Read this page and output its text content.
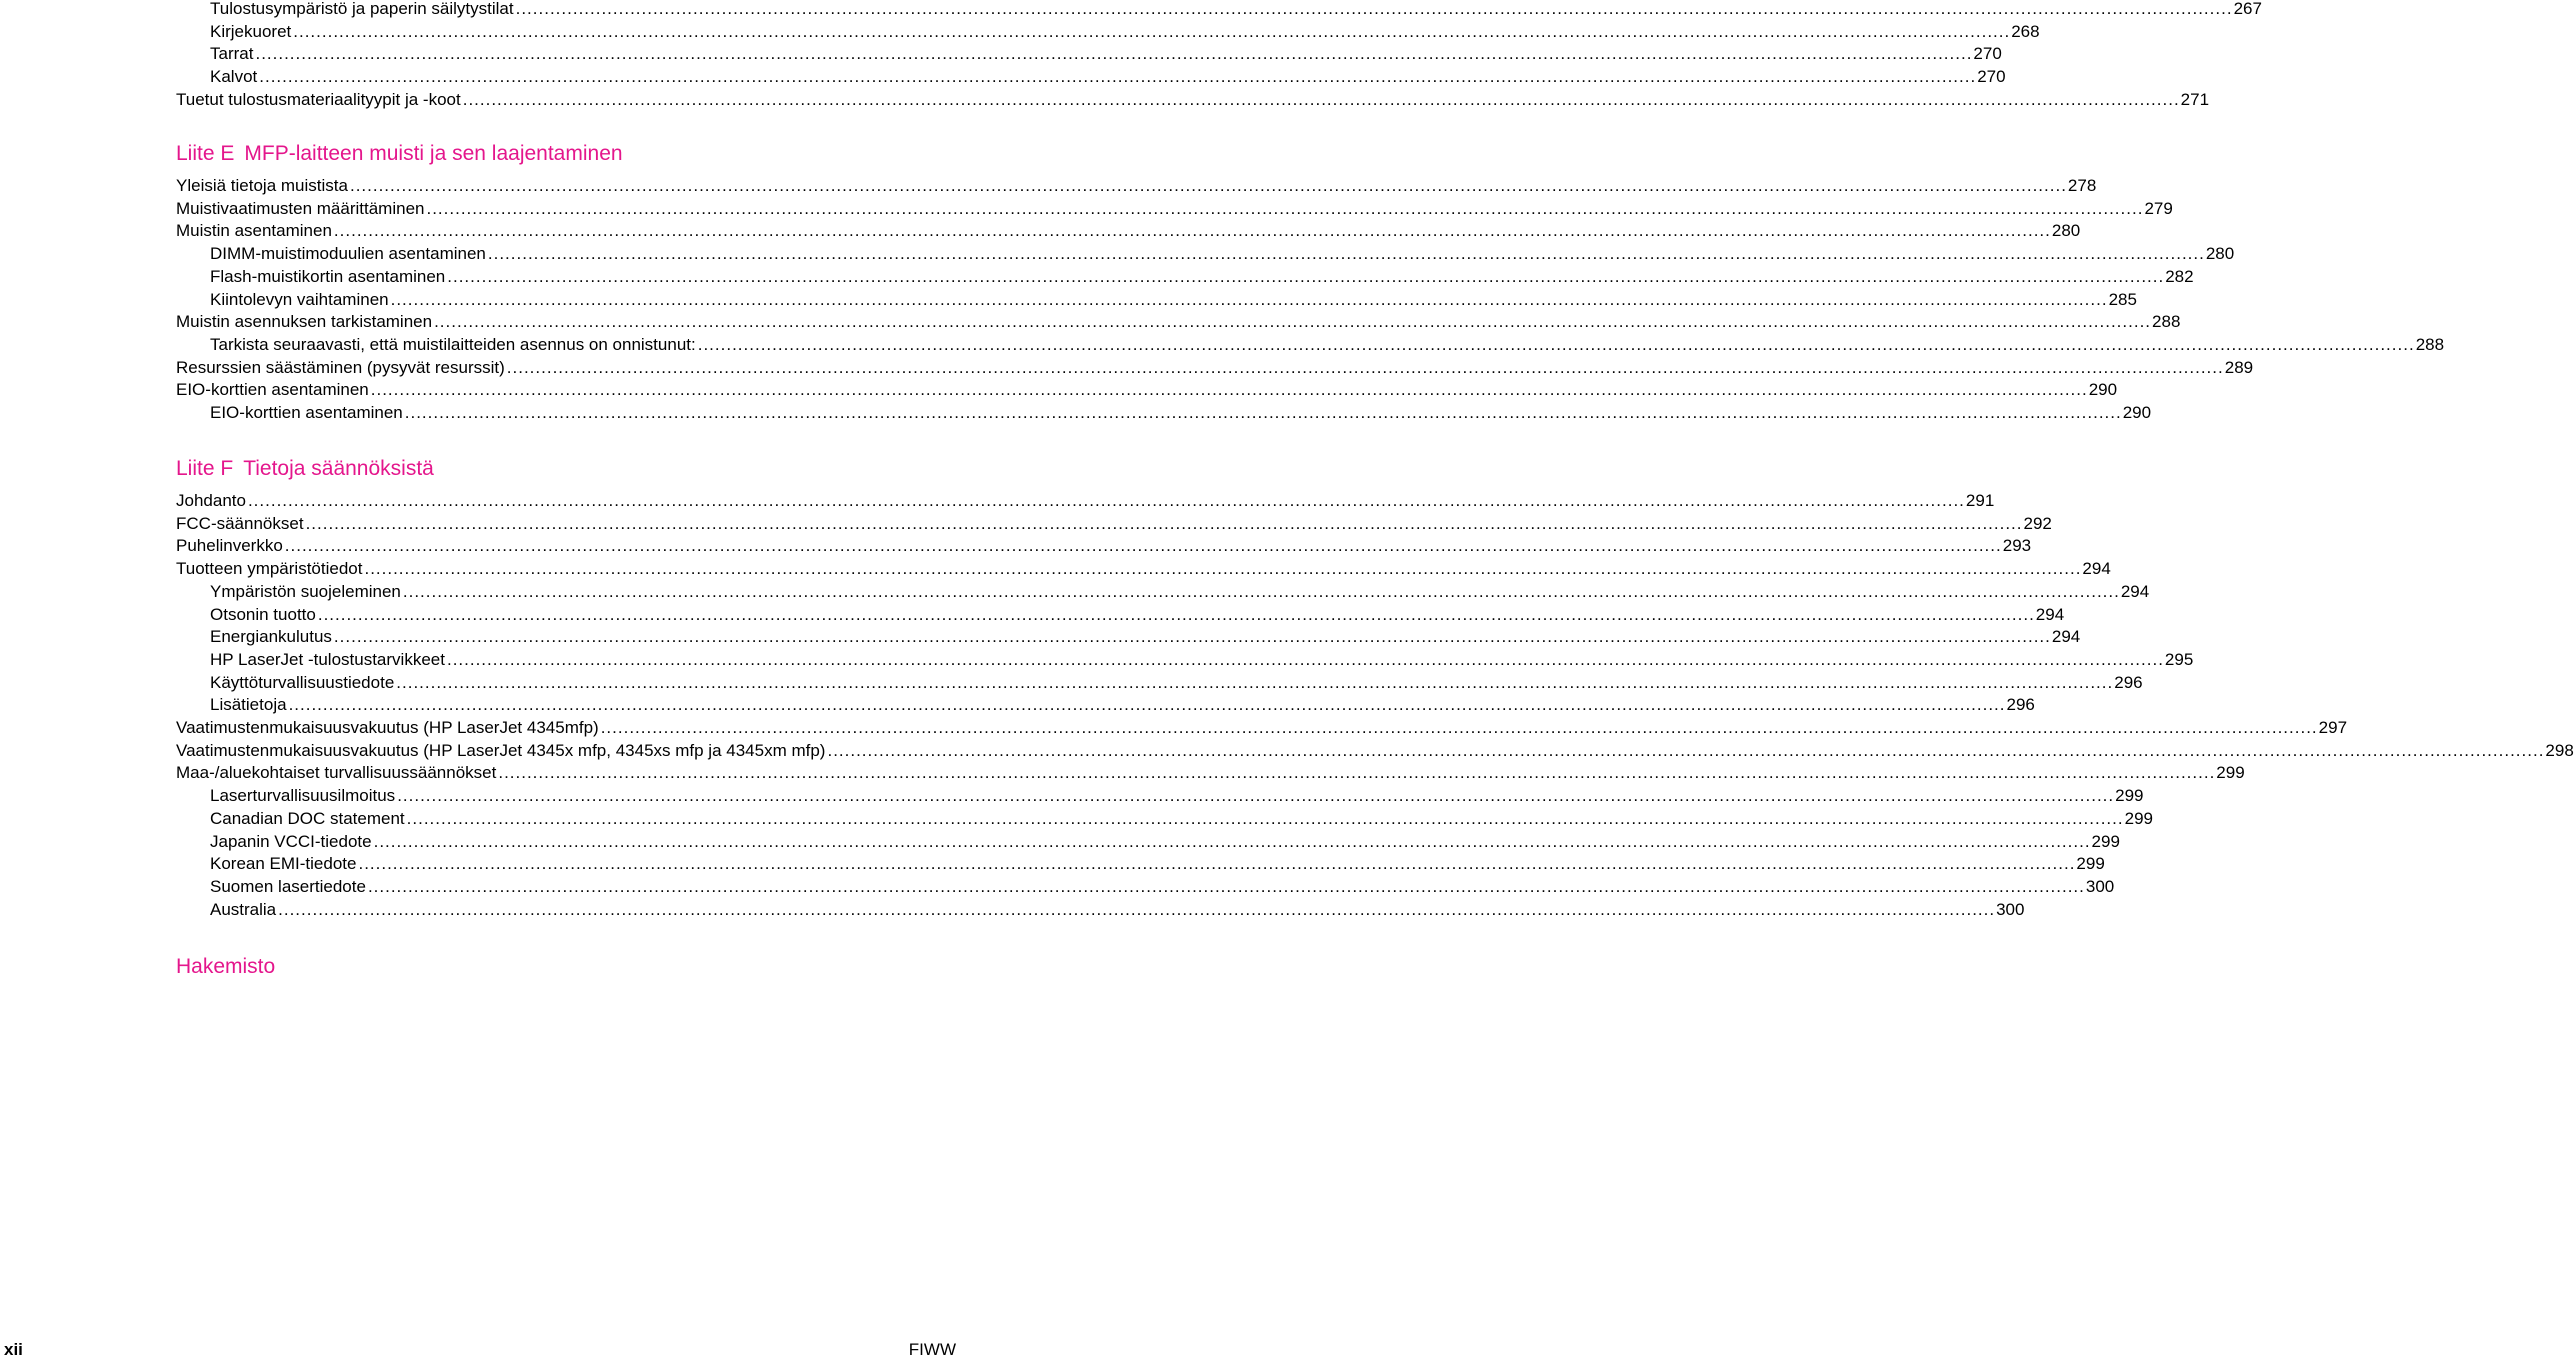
Tulostusympäristö ja paperin säilytystilat ............................................................................................................................................................................................................................................................................................................ 267
Kirjekuoret ............................................................................................................................................................................................................................................................................................................ 268
Tarrat ............................................................................................................................................................................................................................................................................................................ 270
Kalvot ............................................................................................................................................................................................................................................................................................................ 270
Tuetut tulostusmateriaalityypit ja -koot ............................................................................................................................................................................................................................................................................................................ 271
Liite E MFP-laitteen muisti ja sen laajentaminen
Yleisiä tietoja muistista ............................................................................................................................................................................................................................................................................................................ 278
Muistivaatimusten määrittäminen ............................................................................................................................................................................................................................................................................................................ 279
Muistin asentaminen ............................................................................................................................................................................................................................................................................................................ 280
DIMM-muistimoduulien asentaminen ............................................................................................................................................................................................................................................................................................................ 280
Flash-muistikortin asentaminen ............................................................................................................................................................................................................................................................................................................ 282
Kiintolevyn vaihtaminen ............................................................................................................................................................................................................................................................................................................ 285
Muistin asennuksen tarkistaminen ............................................................................................................................................................................................................................................................................................................ 288
Tarkista seuraavasti, että muistilaitteiden asennus on onnistunut: ............................................................................................................................................................................................................................................................................................................ 288
Resurssien säästäminen (pysyvät resurssit) ............................................................................................................................................................................................................................................................................................................ 289
EIO-korttien asentaminen ............................................................................................................................................................................................................................................................................................................ 290
EIO-korttien asentaminen ............................................................................................................................................................................................................................................................................................................ 290
Liite F Tietoja säännöksistä
Johdanto ............................................................................................................................................................................................................................................................................................................ 291
FCC-säännökset ............................................................................................................................................................................................................................................................................................................ 292
Puhelinverkko ............................................................................................................................................................................................................................................................................................................ 293
Tuotteen ympäristötiedot ............................................................................................................................................................................................................................................................................................................ 294
Ympäristön suojeleminen ............................................................................................................................................................................................................................................................................................................ 294
Otsonin tuotto ............................................................................................................................................................................................................................................................................................................ 294
Energiankulutus ............................................................................................................................................................................................................................................................................................................ 294
HP LaserJet -tulostustarvikkeet ............................................................................................................................................................................................................................................................................................................ 295
Käyttöturvallisuustiedote ............................................................................................................................................................................................................................................................................................................ 296
Lisätietoja ............................................................................................................................................................................................................................................................................................................ 296
Vaatimustenmukaisuusvakuutus (HP LaserJet 4345mfp) ............................................................................................................................................................................................................................................................................................................ 297
Vaatimustenmukaisuusvakuutus (HP LaserJet 4345x mfp, 4345xs mfp ja 4345xm mfp) ............................................................................................................................................................................................................................................................................................................ 298
Maa-/aluekohtaiset turvallisuussäännökset ............................................................................................................................................................................................................................................................................................................ 299
Laserturvallisuusilmoitus ............................................................................................................................................................................................................................................................................................................ 299
Canadian DOC statement ............................................................................................................................................................................................................................................................................................................ 299
Japanin VCCI-tiedote ............................................................................................................................................................................................................................................................................................................ 299
Korean EMI-tiedote ............................................................................................................................................................................................................................................................................................................ 299
Suomen lasertiedote ............................................................................................................................................................................................................................................................................................................ 300
Australia ............................................................................................................................................................................................................................................................................................................ 300
Hakemisto
xii	FIWW
